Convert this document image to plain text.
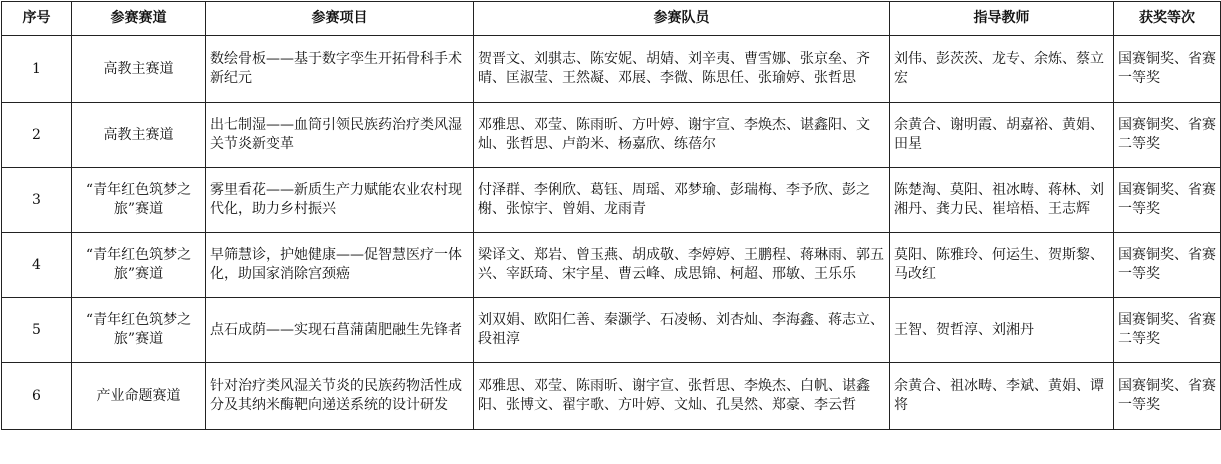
序号	参赛赛道	参赛项目	参赛队员	指导教师	获奖等次
1	高教主赛道	数绘骨板——基于数字孪生开拓骨科手术新纪元	贺晋文、刘骐志、陈安妮、胡婧、刘辛夷、曹雪娜、张京垒、齐晴、匡淑莹、王然凝、邓展、李微、陈思任、张瑜婷、张哲思	刘伟、彭茨茨、龙专、余炼、蔡立宏	国赛铜奖、省赛一等奖
2	高教主赛道	出七制湿——血筒引领民族药治疗类风湿关节炎新变革	邓雅思、邓莹、陈雨昕、方叶婷、谢宇宣、李焕杰、谌鑫阳、文灿、张哲思、卢韵米、杨嘉欣、练蓓尔	余黄合、谢明霞、胡嘉裕、黄娟、田星	国赛铜奖、省赛二等奖
3	“青年红色筑梦之旅”赛道	雾里看花——新质生产力赋能农业农村现代化，助力乡村振兴	付泽群、李俐欣、葛钰、周瑶、邓梦瑜、彭瑞梅、李予欣、彭之榭、张惊宇、曾娟、龙雨青	陈楚淘、莫阳、祖冰畴、蒋林、刘湘丹、龚力民、崔培梧、王志辉	国赛铜奖、省赛一等奖
4	“青年红色筑梦之旅”赛道	早筛慧诊，护她健康——促智慧医疗一体化，助国家消除宫颈癌	梁译文、郑岩、曾玉燕、胡成敬、李婷婷、王鹏程、蒋琳雨、郭五兴、宰跃琦、宋宇星、曹云峰、成思锦、柯超、邢敏、王乐乐	莫阳、陈雅玲、何运生、贺斯黎、马改红	国赛铜奖、省赛一等奖
5	“青年红色筑梦之旅”赛道	点石成荫——实现石菖蒲菌肥融生先锋者	刘双娟、欧阳仁善、秦灏学、石凌畅、刘杏灿、李海鑫、蒋志立、段祖淳	王智、贺哲淳、刘湘丹	国赛铜奖、省赛二等奖
6	产业命题赛道	针对治疗类风湿关节炎的民族药物活性成分及其纳米酶靶向递送系统的设计研发	邓雅思、邓莹、陈雨昕、谢宇宣、张哲思、李焕杰、白帆、谌鑫阳、张博文、翟宇歌、方叶婷、文灿、孔昊然、郑豪、李云哲	余黄合、祖冰畴、李斌、黄娟、谭将	国赛铜奖、省赛一等奖
